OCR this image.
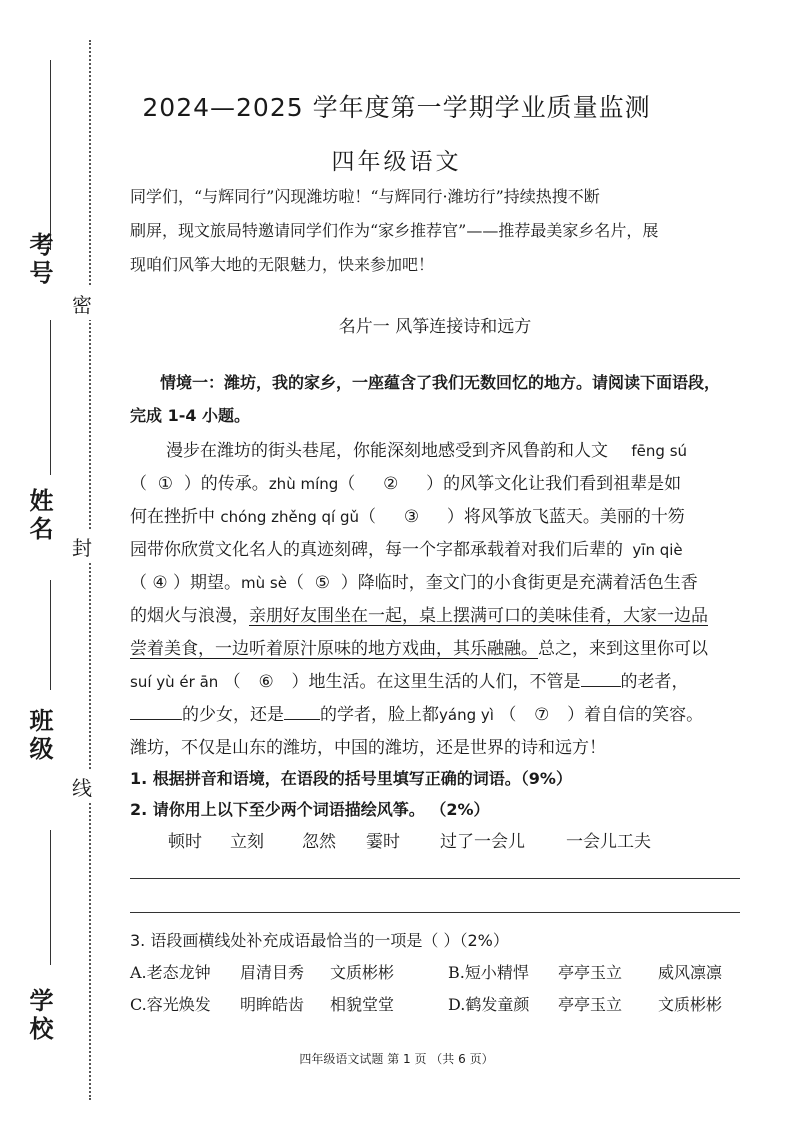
考号
姓名
班级
学校
密
封
线
2024—2025 学年度第一学期学业质量监测
四年级语文
同学们，“与辉同行”闪现潍坊啦！“与辉同行·潍坊行”持续热搜不断
刷屏，现文旅局特邀请同学们作为“家乡推荐官”——推荐最美家乡名片，展
现咱们风筝大地的无限魅力，快来参加吧！
名片一 风筝连接诗和远方
情境一：潍坊，我的家乡，一座蕴含了我们无数回忆的地方。请阅读下面语段，
完成 1-4 小题。
漫步在潍坊的街头巷尾，你能深刻地感受到齐风鲁韵和人文 fēng sú
（ ① ）的传承。zhù míng（ ② ）的风筝文化让我们看到祖辈是如
何在挫折中 chóng zhěng qí gǔ（ ③ ）将风筝放飞蓝天。美丽的十笏
园带你欣赏文化名人的真迹刻碑，每一个字都承载着对我们后辈的 yīn qiè
（ ④ ）期望。mù sè（ ⑤ ）降临时，奎文门的小食街更是充满着活色生香
的烟火与浪漫，亲朋好友围坐在一起，桌上摆满可口的美味佳肴，大家一边品
尝着美食，一边听着原汁原味的地方戏曲，其乐融融。总之，来到这里你可以
suí yù ér ān （ ⑥ ）地生活。在这里生活的人们，不管是 的老者，
的少女，还是 的学者，脸上都yáng yì （ ⑦ ）着自信的笑容。
潍坊，不仅是山东的潍坊，中国的潍坊，还是世界的诗和远方！
1. 根据拼音和语境，在语段的括号里填写正确的词语。（9%）
2. 请你用上以下至少两个词语描绘风筝。 （2%）
顿时 立刻 忽然 霎时 过了一会儿 一会儿工夫
3. 语段画横线处补充成语最恰当的一项是（ ）（2%）
A.老态龙钟 眉清目秀 文质彬彬	B.短小精悍 亭亭玉立 威风凛凛
C.容光焕发 明眸皓齿 相貌堂堂	D.鹤发童颜 亭亭玉立 文质彬彬
四年级语文试题 第 1 页 （共 6 页）
